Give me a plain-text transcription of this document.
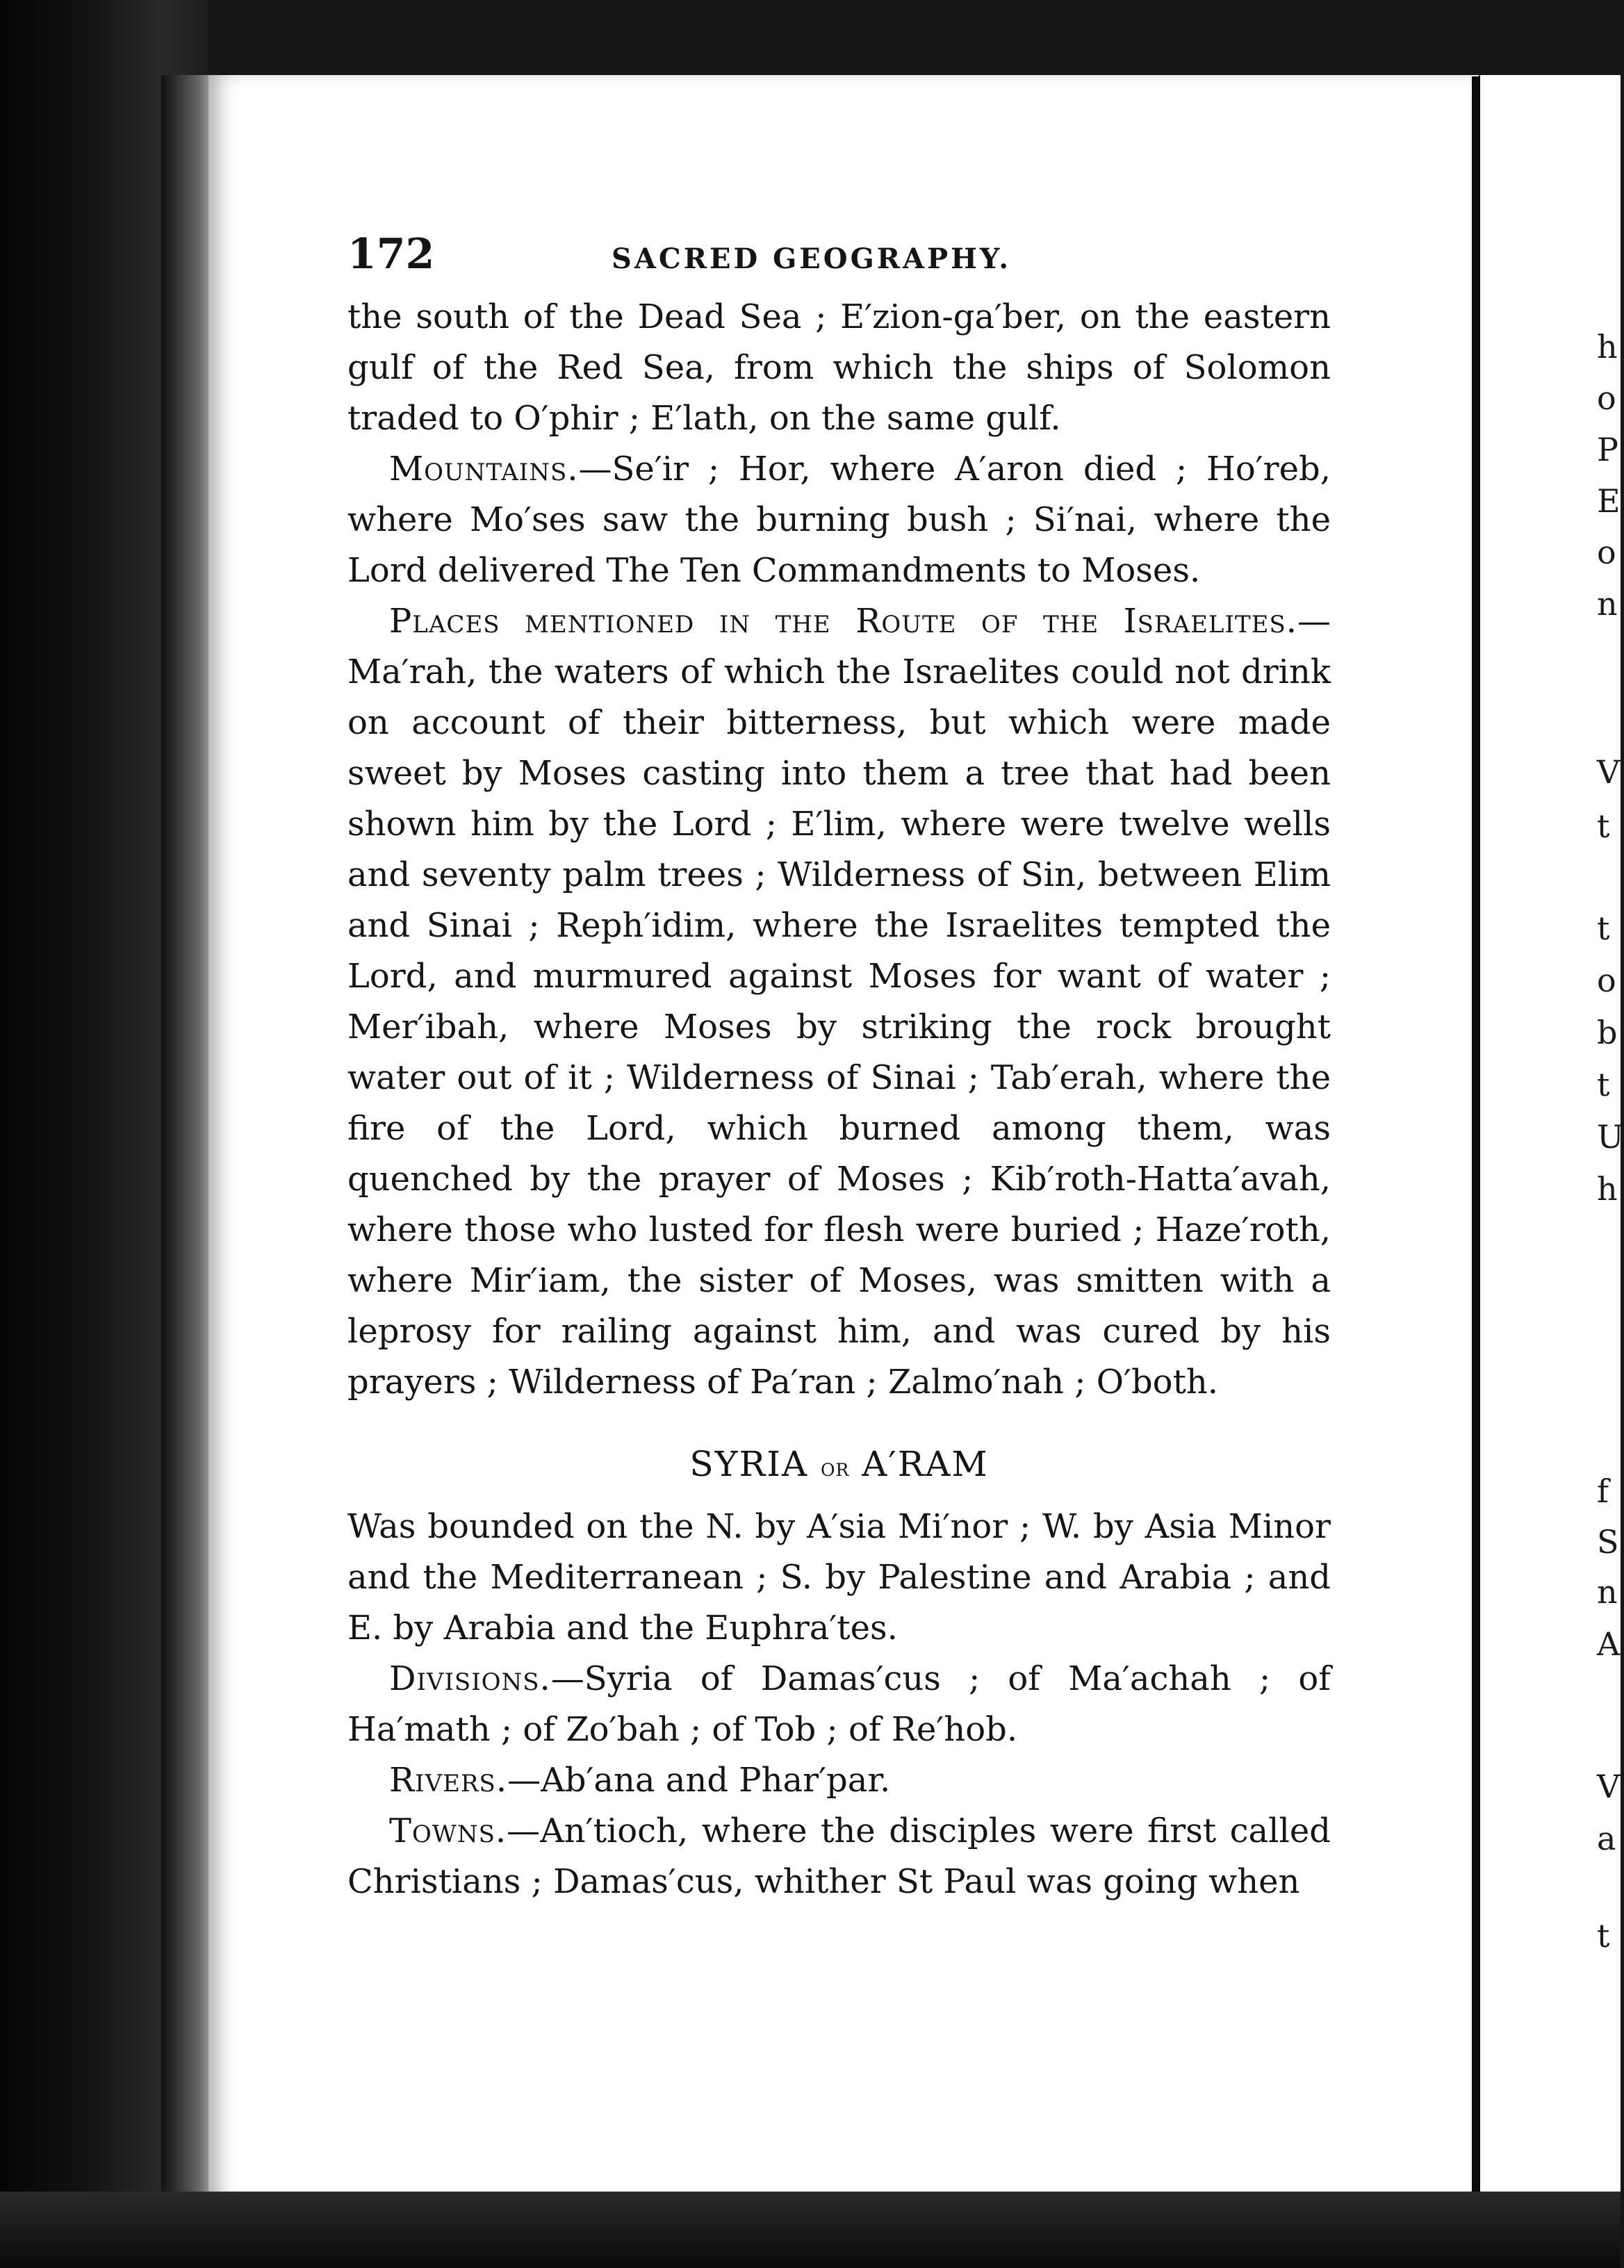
h
o
P
E
o
n
V
t
t
o
b
t
U
h
f
S
n
A
V
a
t
172	SACRED GEOGRAPHY.

the south of the Dead Sea ; E′zion-ga′ber, on the eastern gulf of the Red Sea, from which the ships of Solomon traded to O′phir ; E′lath, on the same gulf.

Mountains.—Se′ir ; Hor, where A′aron died ; Ho′reb, where Mo′ses saw the burning bush ; Si′nai, where the Lord delivered The Ten Commandments to Moses.

Places mentioned in the Route of the Israelites.—Ma′rah, the waters of which the Israelites could not drink on account of their bitterness, but which were made sweet by Moses casting into them a tree that had been shown him by the Lord ; E′lim, where were twelve wells and seventy palm trees ; Wilderness of Sin, between Elim and Sinai ; Reph′idim, where the Israelites tempted the Lord, and murmured against Moses for want of water ; Mer′ibah, where Moses by striking the rock brought water out of it ; Wilderness of Sinai ; Tab′erah, where the fire of the Lord, which burned among them, was quenched by the prayer of Moses ; Kib′roth-Hatta′avah, where those who lusted for flesh were buried ; Haze′roth, where Mir′iam, the sister of Moses, was smitten with a leprosy for railing against him, and was cured by his prayers ; Wilderness of Pa′ran ; Zalmo′nah ; O′both.

SYRIA or A′RAM

Was bounded on the N. by A′sia Mi′nor ; W. by Asia Minor and the Mediterranean ; S. by Palestine and Arabia ; and E. by Arabia and the Euphra′tes.

Divisions.—Syria of Damas′cus ; of Ma′achah ; of Ha′math ; of Zo′bah ; of Tob ; of Re′hob.

Rivers.—Ab′ana and Phar′par.

Towns.—An′tioch, where the disciples were first called Christians ; Damas′cus, whither St Paul was going when
